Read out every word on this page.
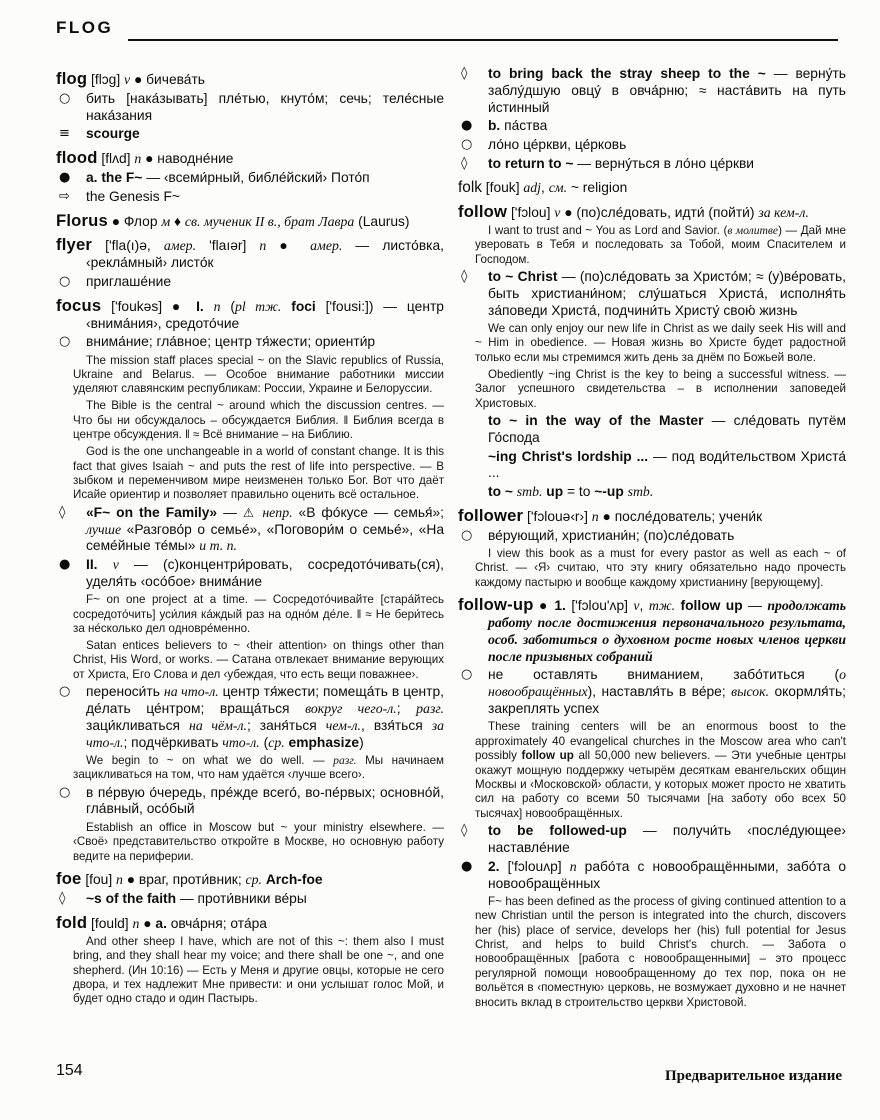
FLOG
flog [flɔg] v ● бичева́ть
○ бить [нака́зывать] пле́тью, кнуто́м; сечь; теле́сные нака́зания
≡ scourge
flood [flʌd] n ● наводне́ние
● a. the F~ — ‹всеми́рный, библе́йский› Пото́п
⇨ the Genesis F~
Florus ● Флор м ♦ св. мученик II в., брат Лавра (Laurus)
flyer ['fla(ı)ə, амер. 'flaıər] n ● амер. — листо́вка, ‹рекла́мный› листо́к
○ приглаше́ние
focus ['foukəs] ● I. n (pl тж. foci ['fousi:]) — центр ‹внима́ния›, средото́чие
○ внима́ние; гла́вное; центр тя́жести; ориенти́р
The mission staff places special ~ on the Slavic republics of Russia, Ukraine and Belarus. — Особое внимание работники миссии уделяют славянским республикам: России, Украине и Белоруссии.
The Bible is the central ~ around which the discussion centres. — Что бы ни обсуждалось – обсуждается Библия. ‖ Библия всегда в центре обсуждения. ‖ ≈ Всё внимание – на Библию.
God is the one unchangeable in a world of constant change. It is this fact that gives Isaiah ~ and puts the rest of life into perspective. — В зыбком и переменчивом мире неизменен только Бог. Вот что даёт Исайе ориентир и позволяет правильно оценить всё остальное.
◊ «F~ on the Family» — ⚠ непр. «В фо́кусе — семья́»; лучше «Разгово́р о семье́», «Поговори́м о семье́», «На семе́йные те́мы» и т. п.
● II. v — (с)концентри́ровать, сосредото́чивать(ся), уделя́ть ‹осо́бое› внима́ние
F~ on one project at a time. — Сосредото́чивайте [стара́йтесь сосредото́чить] уси́лия ка́ждый раз на одно́м де́ле. ‖ ≈ Не бери́тесь за не́сколько дел одновре́менно.
Satan entices believers to ~ ‹their attention› on things other than Christ, His Word, or works. — Сатана отвлекает внимание верующих от Христа, Его Слова и дел ‹убеждая, что есть вещи поважнее›.
○ переноси́ть на что-л. центр тя́жести; помеща́ть в центр, де́лать це́нтром; враща́ться вокруг чего-л.; разг. заци́кливаться на чём-л.; заня́ться чем-л., взя́ться за что-л.; подчёркивать что-л. (ср. emphasize)
We begin to ~ on what we do well. — разг. Мы начинаем зацикливаться на том, что нам удаётся ‹лучше всего›.
○ в пе́рвую о́чередь, пре́жде всего́, во-пе́рвых; основно́й, гла́вный, осо́бый
Establish an office in Moscow but ~ your ministry elsewhere. — ‹Своё› представительство откройте в Москве, но основную работу ведите на периферии.
foe [fou] n ● враг, проти́вник; ср. Arch-foe
◊ ~s of the faith — проти́вники ве́ры
fold [fould] n ● a. овча́рня; ота́ра
And other sheep I have, which are not of this ~: them also I must bring, and they shall hear my voice; and there shall be one ~, and one shepherd. (Ин 10:16) — Есть у Меня и другие овцы, которые не сего двора, и тех надлежит Мне привести: и они услышат голос Мой, и будет одно стадо и один Пастырь.
◊ to bring back the stray sheep to the ~ — верну́ть заблу́дшую овцу́ в овча́рню; ≈ наста́вить на путь и́стинный
● b. па́ства
○ ло́но це́ркви, це́рковь
◊ to return to ~ — верну́ться в ло́но це́ркви
folk [fouk] adj, см. ~ religion
follow ['fɔlou] v ● (по)сле́довать, идти́ (пойти́) за кем-л.
I want to trust and ~ You as Lord and Savior. (в молитве) — Дай мне уверовать в Тебя и последовать за Тобой, моим Спасителем и Господом.
◊ to ~ Christ — (по)сле́довать за Христо́м; ≈ (у)ве́ровать, быть христиани́ном; слу́шаться Христа́, исполня́ть за́поведи Христа́, подчини́ть Христу́ свою́ жизнь
We can only enjoy our new life in Christ as we daily seek His will and ~ Him in obedience. — Новая жизнь во Христе будет радостной только если мы стремимся жить день за днём по Божьей воле.
Obediently ~ing Christ is the key to being a successful witness. — Залог успешного свидетельства – в исполнении заповедей Христовых.
to ~ in the way of the Master — сле́довать путём Го́спода
~ing Christ's lordship ... — под води́тельством Христа́ ...
to ~ smb. up = to ~-up smb.
follower ['fɔlouə‹r›] n ● после́дователь; учени́к
○ ве́рующий, христиани́н; (по)сле́довать
I view this book as a must for every pastor as well as each ~ of Christ. — ‹Я› считаю, что эту книгу обязательно надо прочесть каждому пастырю и вообще каждому христианину [верующему].
follow-up ● 1. ['fɔlou'ʌp] v, тж. follow up — продолжать работу после достижения первоначального результата, особ. заботиться о духовном росте новых членов церкви после призывных собраний
○ не оставлять вниманием, забо́титься (о новообращённых), наставля́ть в ве́ре; высок. окормля́ть; закреплять успех
These training centers will be an enormous boost to the approximately 40 evangelical churches in the Moscow area who can't possibly follow up all 50,000 new believers. — Эти учебные центры окажут мощную поддержку четырём десяткам евангельских общин Москвы и ‹Московской› области, у которых может просто не хватить сил на работу со всеми 50 тысячами [на заботу обо всех 50 тысячах] новообращённых.
◊ to be followed-up — получи́ть ‹после́дующее› наставле́ние
● 2. ['fɔlouʌp] n рабо́та с новообращёнными, забо́та о новообращённых
F~ has been defined as the process of giving continued attention to a new Christian until the person is integrated into the church, discovers her (his) place of service, develops her (his) full potential for Jesus Christ, and helps to build Christ's church. — Забота о новообращённых [работа с новообращенными] – это процесс регулярной помощи новообращенному до тех пор, пока он не вольётся в ‹поместную› церковь, не возмужает духовно и не начнет вносить вклад в строительство церкви Христовой.
154	Предварительное издание
